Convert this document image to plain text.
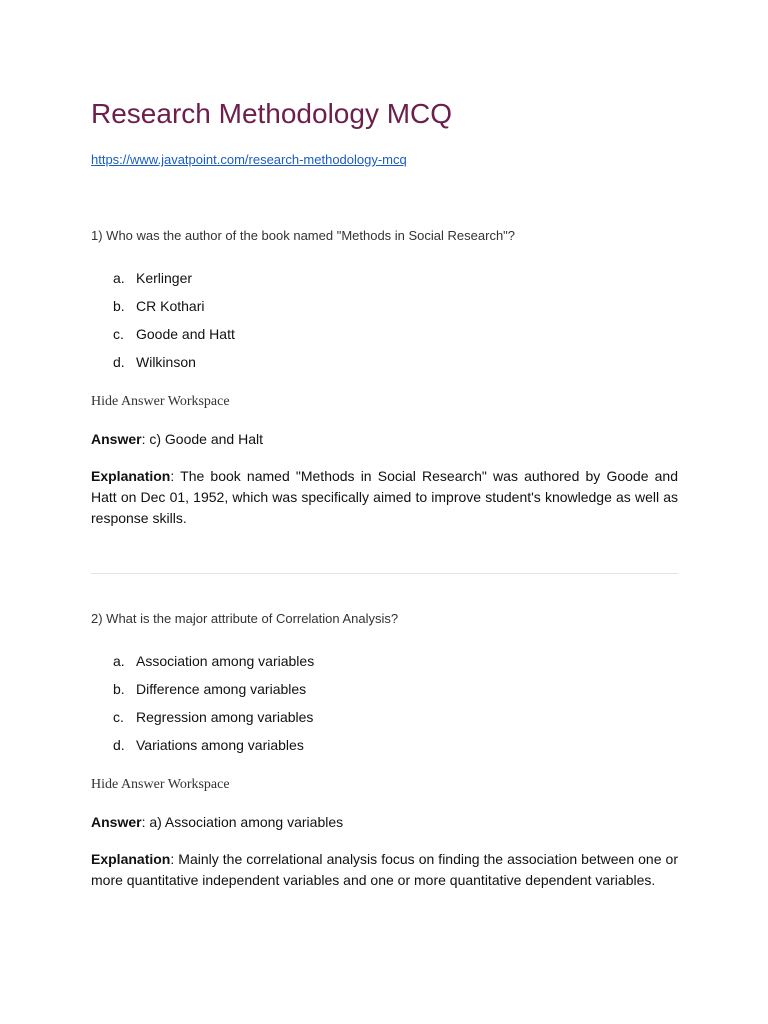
Research Methodology MCQ
https://www.javatpoint.com/research-methodology-mcq
1) Who was the author of the book named "Methods in Social Research"?
a. Kerlinger
b. CR Kothari
c. Goode and Hatt
d. Wilkinson
Hide Answer Workspace
Answer: c) Goode and Halt

Explanation: The book named "Methods in Social Research" was authored by Goode and Hatt on Dec 01, 1952, which was specifically aimed to improve student's knowledge as well as response skills.

2) What is the major attribute of Correlation Analysis?
a. Association among variables
b. Difference among variables
c. Regression among variables
d. Variations among variables
Hide Answer Workspace
Answer: a) Association among variables

Explanation: Mainly the correlational analysis focus on finding the association between one or more quantitative independent variables and one or more quantitative dependent variables.
